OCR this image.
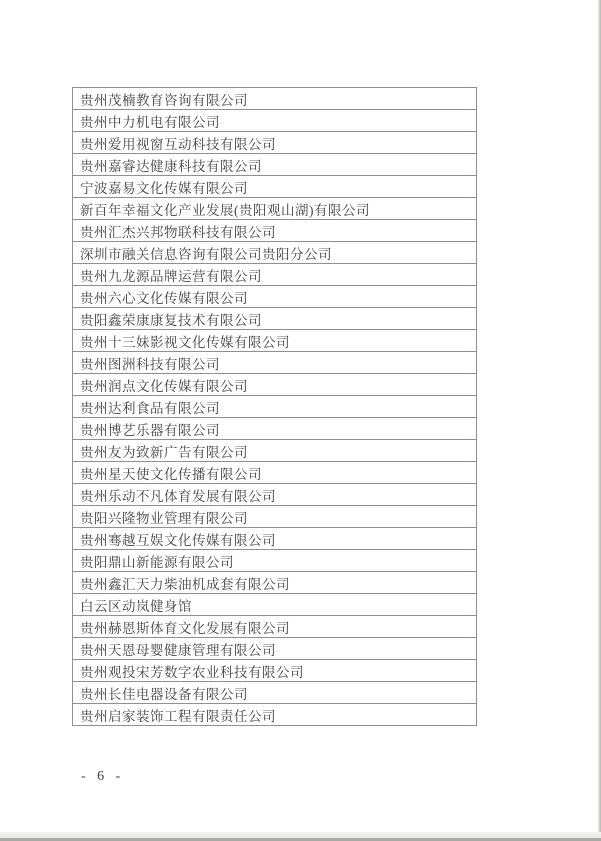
贵州茂楠教育咨询有限公司
贵州中力机电有限公司
贵州爱用视窗互动科技有限公司
贵州嘉睿达健康科技有限公司
宁波嘉易文化传媒有限公司
新百年幸福文化产业发展(贵阳观山湖)有限公司
贵州汇杰兴邦物联科技有限公司
深圳市融关信息咨询有限公司贵阳分公司
贵州九龙源品牌运营有限公司
贵州六心文化传媒有限公司
贵阳鑫荣康康复技术有限公司
贵州十三妹影视文化传媒有限公司
贵州图洲科技有限公司
贵州润点文化传媒有限公司
贵州达利食品有限公司
贵州博艺乐器有限公司
贵州友为致新广告有限公司
贵州星天使文化传播有限公司
贵州乐动不凡体育发展有限公司
贵阳兴隆物业管理有限公司
贵州骞越互娱文化传媒有限公司
贵阳鼎山新能源有限公司
贵州鑫汇天力柴油机成套有限公司
白云区动岚健身馆
贵州赫恩斯体育文化发展有限公司
贵州天恩母婴健康管理有限公司
贵州观投宋芳数字农业科技有限公司
贵州长佳电器设备有限公司
贵州启家装饰工程有限责任公司
- 6 -
